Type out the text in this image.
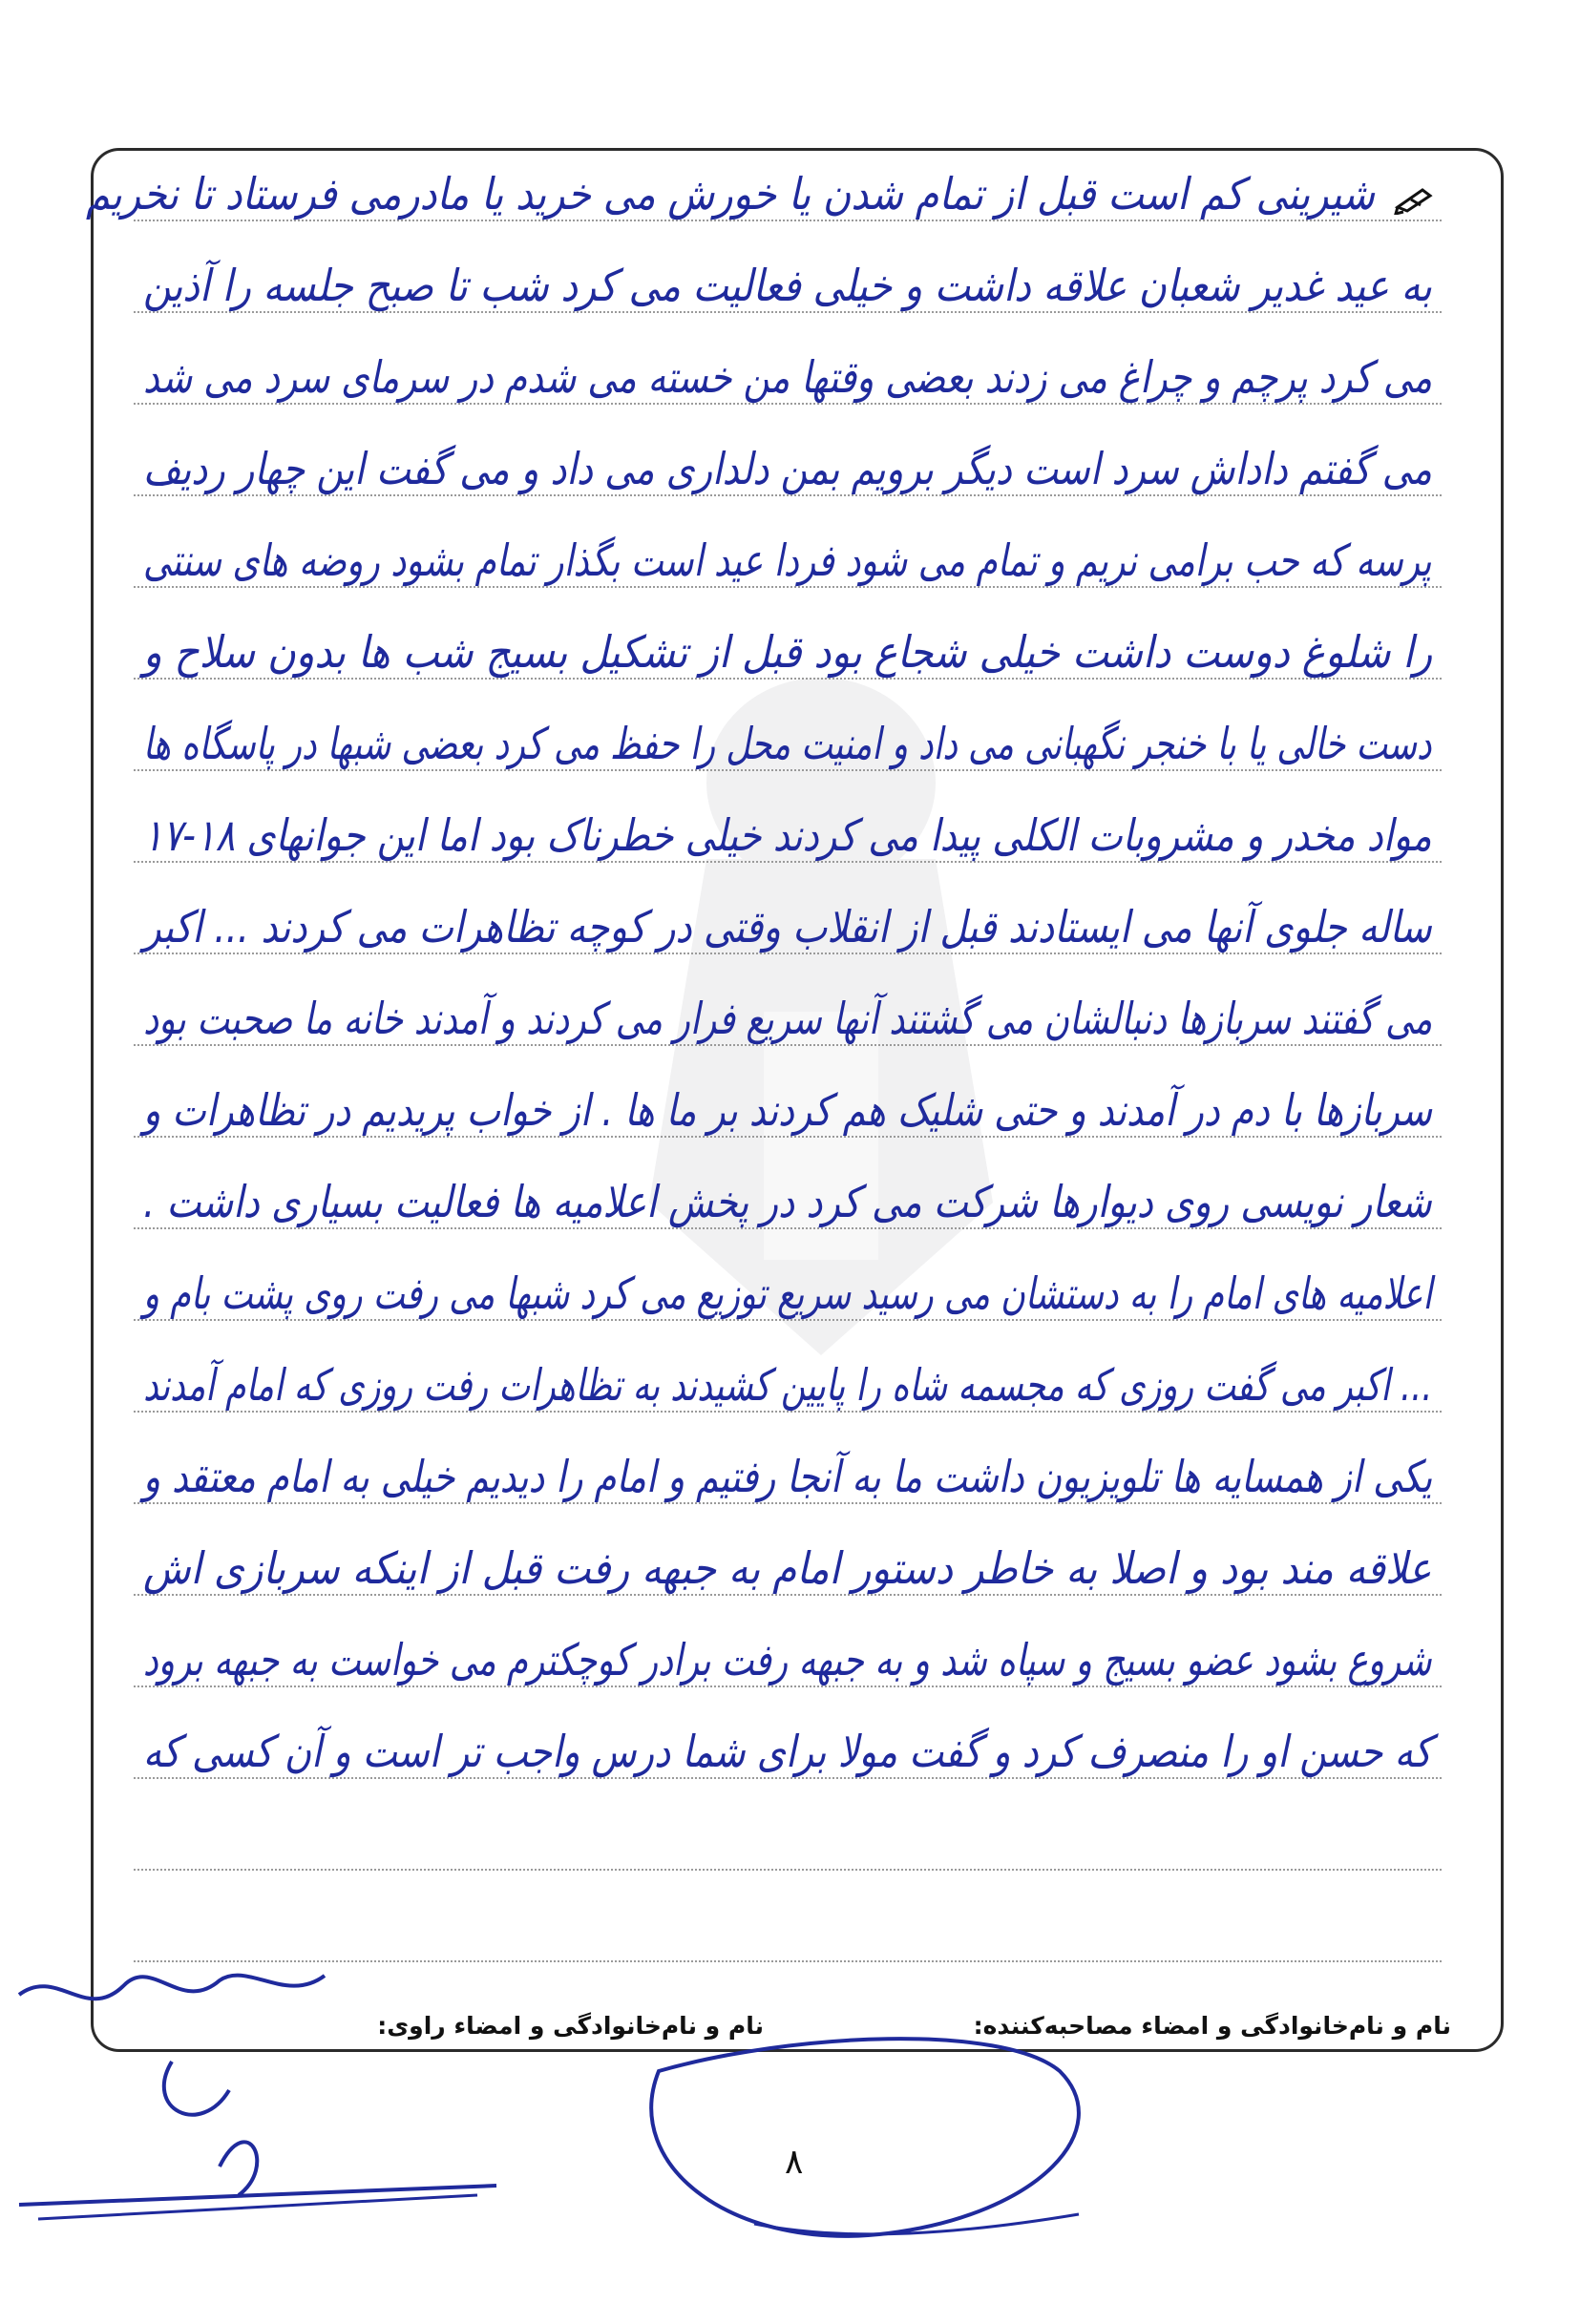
شیرینی کم است قبل از تمام شدن یا خورش می خرید یا مادرمی فرستاد تا نخریم
به عید غدیر شعبان علاقه داشت و خیلی فعالیت می کرد شب تا صبح جلسه را آذین
می کرد پرچم و چراغ می زدند بعضی وقتها من خسته می شدم در سرمای سرد می شد
می گفتم داداش سرد است دیگر برویم بمن دلداری می داد و می گفت این چهار ردیف
پرسه که حب برامی نریم و تمام می شود فردا عید است بگذار تمام بشود روضه های سنتی
را شلوغ دوست داشت خیلی شجاع بود قبل از تشکیل بسیج شب ها بدون سلاح و
دست خالی یا با خنجر نگهبانی می داد و امنیت محل را حفظ می کرد بعضی شبها در پاسگاه ها
مواد مخدر و مشروبات الکلی پیدا می کردند خیلی خطرناک بود اما این جوانهای ۱۸-۱۷
ساله جلوی آنها می ایستادند قبل از انقلاب وقتی در کوچه تظاهرات می کردند ... اکبر
می گفتند سربازها دنبالشان می گشتند آنها سریع فرار می کردند و آمدند خانه ما صحبت بود
سربازها با دم در آمدند و حتی شلیک هم کردند بر ما ها . از خواب پریدیم در تظاهرات و
شعار نویسی روی دیوارها شرکت می کرد در پخش اعلامیه ها فعالیت بسیاری داشت .
اعلامیه های امام را به دستشان می رسید سریع توزیع می کرد شبها می رفت روی پشت بام و
... اکبر می گفت روزی که مجسمه شاه را پایین کشیدند به تظاهرات رفت روزی که امام آمدند
یکی از همسایه ها تلویزیون داشت ما به آنجا رفتیم و امام را دیدیم خیلی به امام معتقد و
علاقه مند بود و اصلا به خاطر دستور امام به جبهه رفت قبل از اینکه سربازی اش
شروع بشود عضو بسیج و سپاه شد و به جبهه رفت برادر کوچکترم می خواست به جبهه برود
که حسن او را منصرف کرد و گفت مولا برای شما درس واجب تر است و آن کسی که
نام و نام‌خانوادگی و امضاء مصاحبه‌کننده:
نام و نام‌خانوادگی و امضاء راوی:
۸
